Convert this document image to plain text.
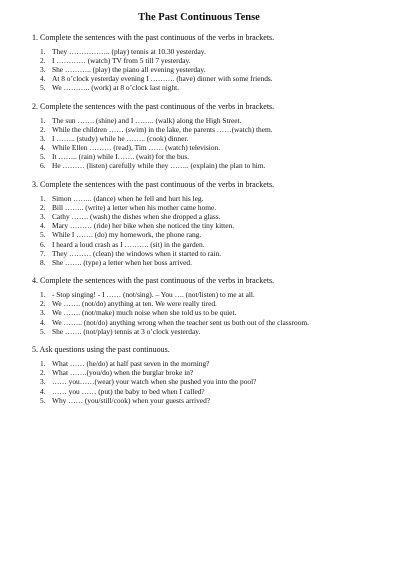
The Past Continuous Tense

1. Complete the sentences with the past continuous of the verbs in brackets.

1. They …………….. (play) tennis at 10.30 yesterday.
2. I ………… (watch) TV from 5 till 7 yesterday.
3. She ……….. (play) the piano all evening yesterday.
4. At 8 o’clock yesterday evening I ………. (have) dinner with some friends.
5. We ……….. (work) at 8 o’clock last night.

2. Complete the sentences with the past continuous of the verbs in brackets.

1. The sun ……. (shine) and I …….. (walk) along the High Street.
2. While the children …… (swim) in the lake, the parents ……(watch) them.
3. I …….. (study) while he …….. (cook) dinner.
4. While Ellen ……… (read), Tim …… (watch) television.
5. It …….. (rain) while I……. (wait) for the bus.
6. He ……… (listen) carefully while they …….. (explain) the plan to him.

3. Complete the sentences with the past continuous of the verbs in brackets.

1. Simon …….. (dance) when he fell and hurt his leg.
2. Bill …….. (write) a letter when his mother came home.
3. Cathy ……. (wash) the dishes when she dropped a glass.
4. Mary ……… (ride) her bike when she noticed the tiny kitten.
5. While I ……. (do) my homework, the phone rang.
6. I heard a loud crash as I ………. (sit) in the garden.
7. They ……… (clean) the windows when it started to rain.
8. She ……. (type) a letter when her boss arrived.

4. Complete the sentences with the past continuous of the verbs in brackets.

1. - Stop singing! - I …… (not/sing). – You …. (not/listen) to me at all.
2. We ……. (not/do) anything at ten. We were really tired.
3. We ……. (not/make) much noise when she told us to be quiet.
4. We …….. (not/do) anything wrong when the teacher sent us both out of the classroom.
5. She ……. (not/play) tennis at 3 o’clock yesterday.

5. Ask questions using the past continuous.

1. What …… (he/do) at half past seven in the morning?
2. What …….(you/do) when the burglar broke in?
3. …… you……(wear) your watch when she pushed you into the pool?
4. …… you …… (put) the baby to bed when I called?
5. Why …… (you/still/cook) when your guests arrived?
